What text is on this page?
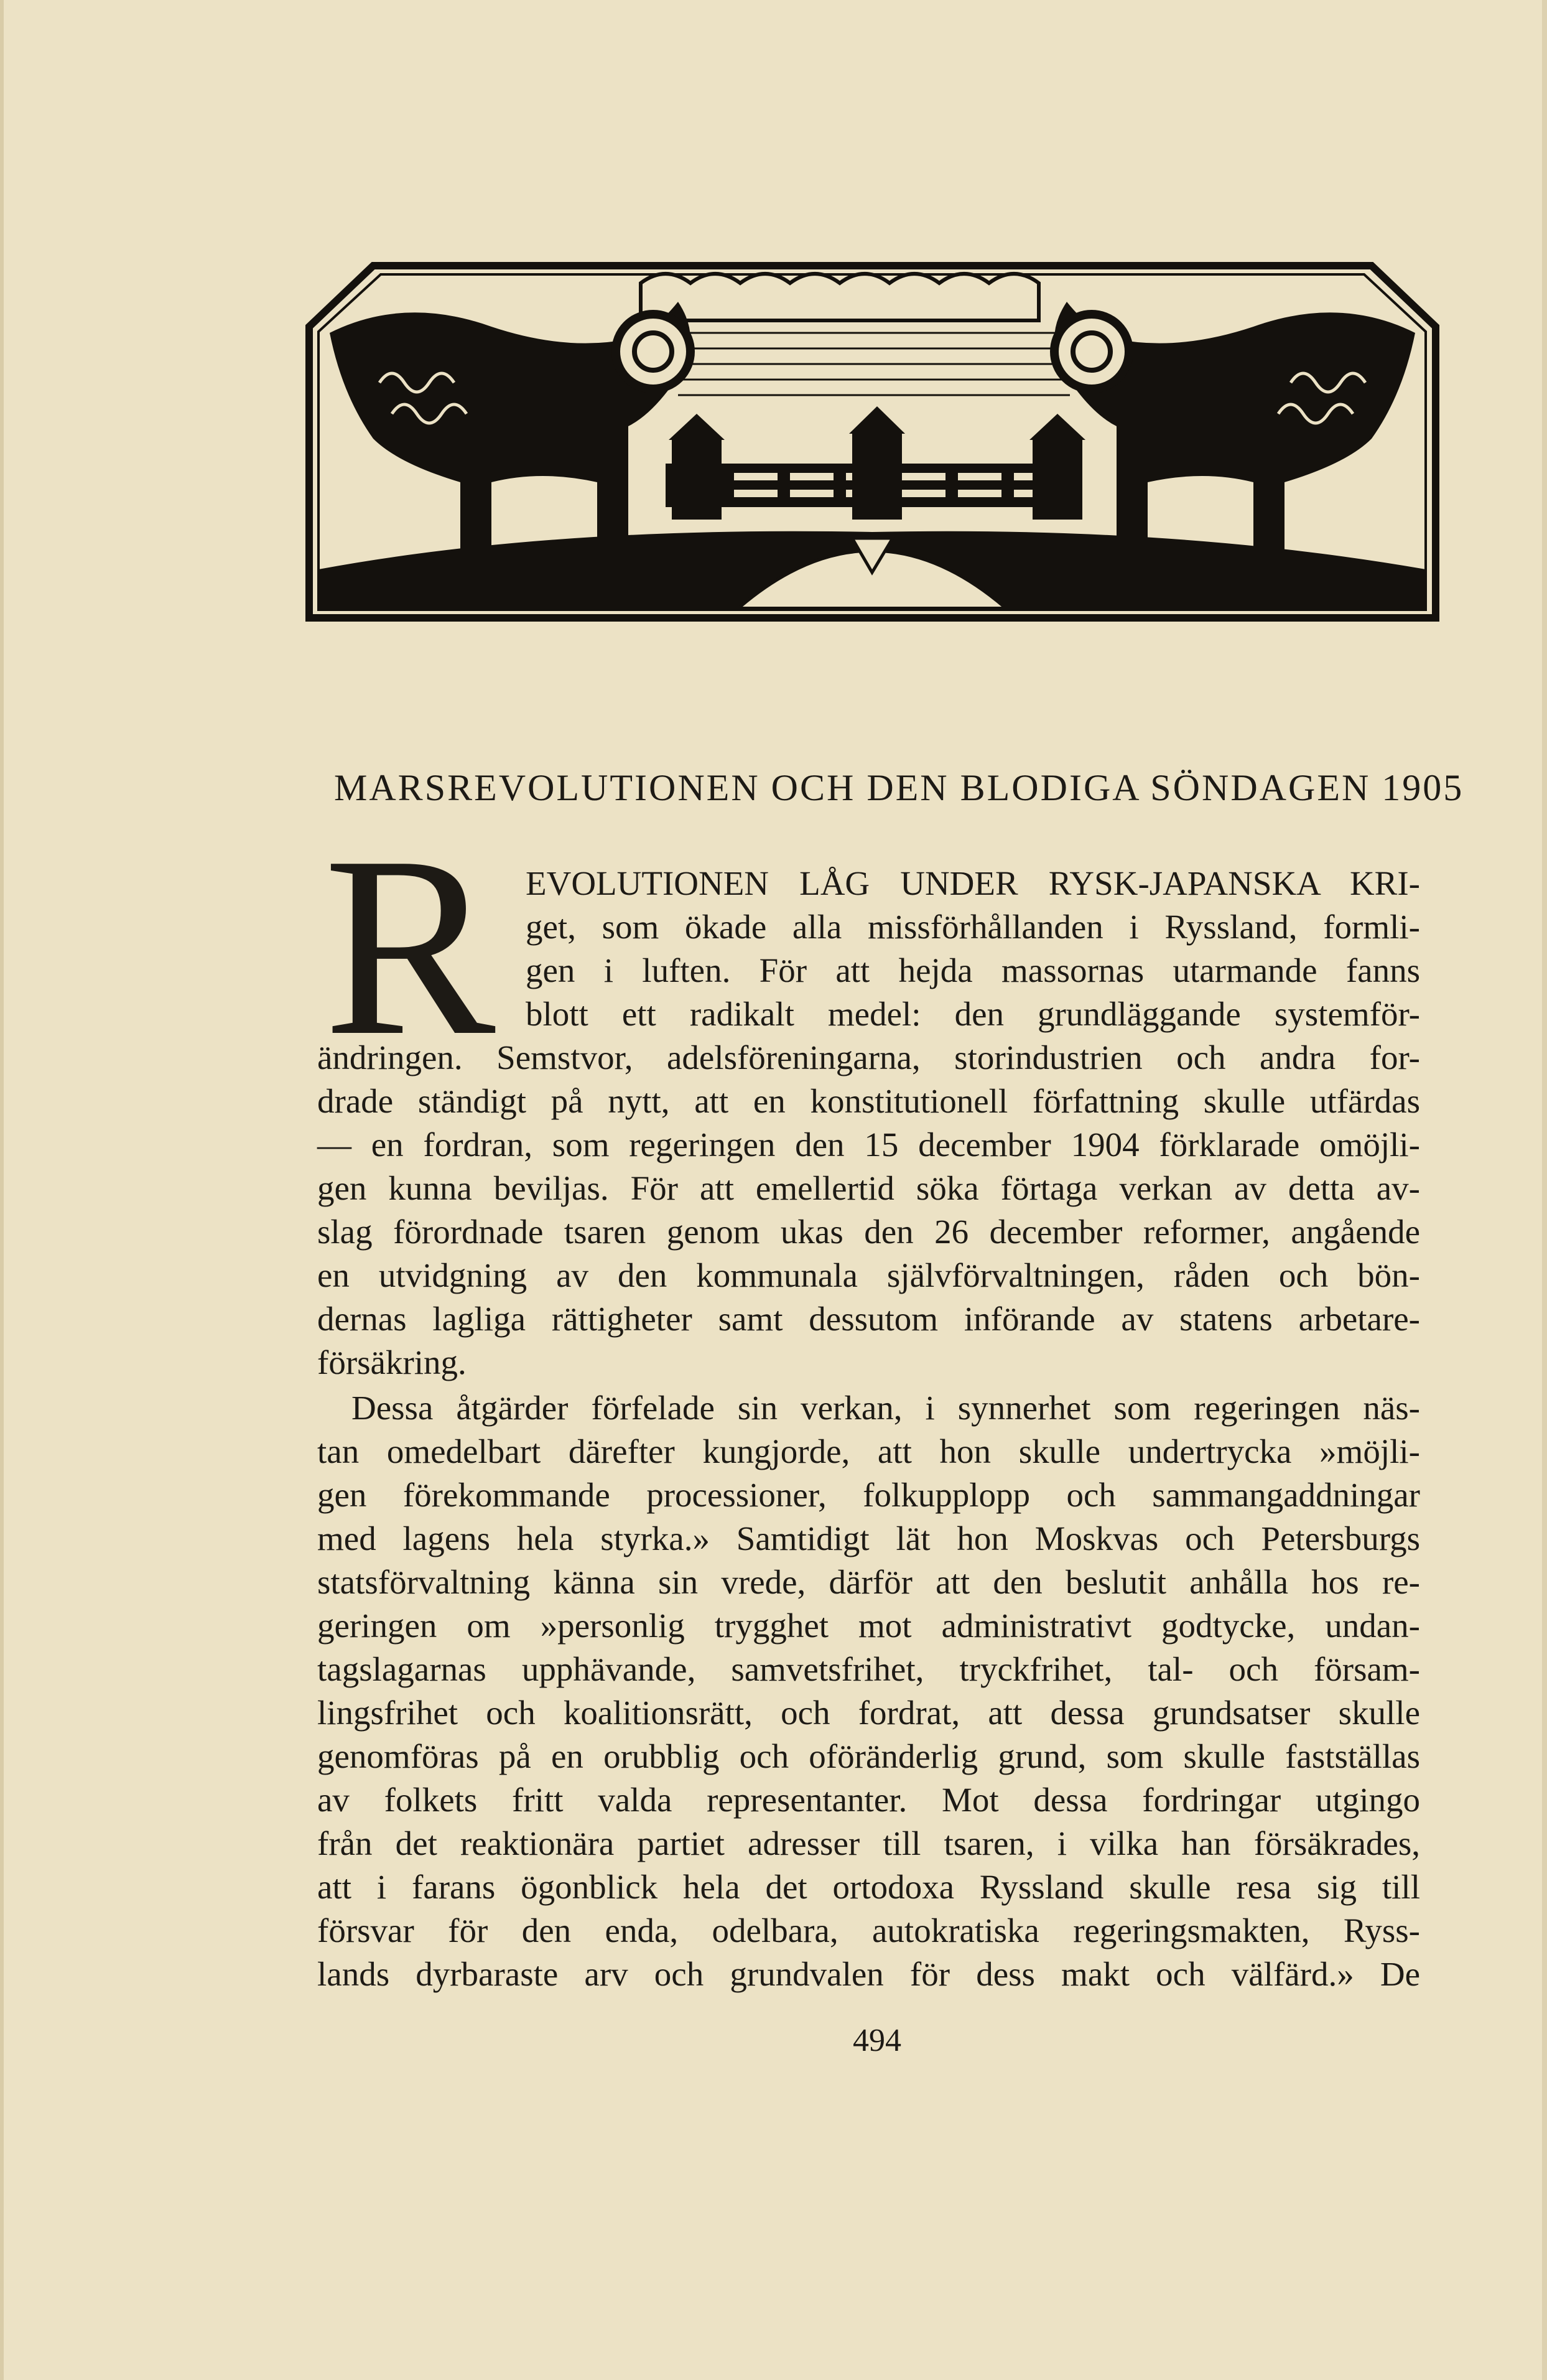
MARSREVOLUTIONEN OCH DEN BLODIGA SÖNDAGEN 1905
R EVOLUTIONEN LÅG UNDER RYSK-JAPANSKA KRI-
get, som ökade alla missförhållanden i Ryssland, formli-
gen i luften. För att hejda massornas utarmande fanns
blott ett radikalt medel: den grundläggande systemför-
ändringen. Semstvor, adelsföreningarna, storindustrien och andra for-
drade ständigt på nytt, att en konstitutionell författning skulle utfärdas
— en fordran, som regeringen den 15 december 1904 förklarade omöjli-
gen kunna beviljas. För att emellertid söka förtaga verkan av detta av-
slag förordnade tsaren genom ukas den 26 december reformer, angående
en utvidgning av den kommunala självförvaltningen, råden och bön-
dernas lagliga rättigheter samt dessutom införande av statens arbetare-
försäkring.
Dessa åtgärder förfelade sin verkan, i synnerhet som regeringen näs-
tan omedelbart därefter kungjorde, att hon skulle undertrycka »möjli-
gen förekommande processioner, folkupplopp och sammangaddningar
med lagens hela styrka.» Samtidigt lät hon Moskvas och Petersburgs
statsförvaltning känna sin vrede, därför att den beslutit anhålla hos re-
geringen om »personlig trygghet mot administrativt godtycke, undan-
tagslagarnas upphävande, samvetsfrihet, tryckfrihet, tal- och försam-
lingsfrihet och koalitionsrätt, och fordrat, att dessa grundsatser skulle
genomföras på en orubblig och oföränderlig grund, som skulle fastställas
av folkets fritt valda representanter. Mot dessa fordringar utgingo
från det reaktionära partiet adresser till tsaren, i vilka han försäkrades,
att i farans ögonblick hela det ortodoxa Ryssland skulle resa sig till
försvar för den enda, odelbara, autokratiska regeringsmakten, Ryss-
lands dyrbaraste arv och grundvalen för dess makt och välfärd.» De
494
